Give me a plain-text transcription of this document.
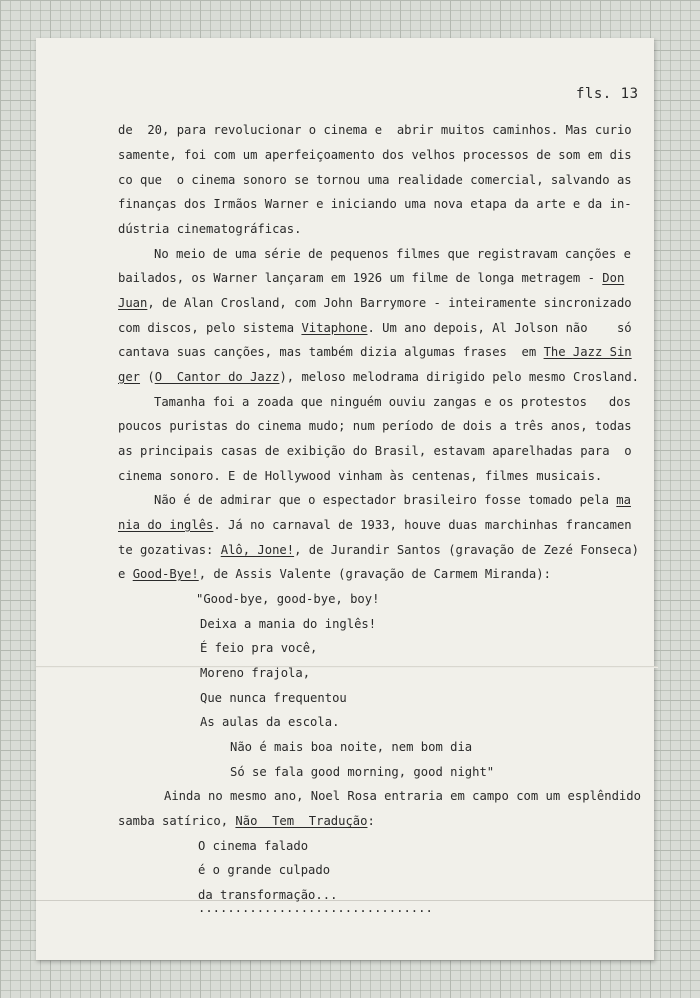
fls. 13
de  20, para revolucionar o cinema e  abrir muitos caminhos. Mas curio
samente, foi com um aperfeiçoamento dos velhos processos de som em dis
co que  o cinema sonoro se tornou uma realidade comercial, salvando as
finanças dos Irmãos Warner e iniciando uma nova etapa da arte e da in-
dústria cinematográficas.
No meio de uma série de pequenos filmes que registravam canções e
bailados, os Warner lançaram em 1926 um filme de longa metragem - Don
Juan, de Alan Crosland, com John Barrymore - inteiramente sincronizado
com discos, pelo sistema Vitaphone. Um ano depois, Al Jolson não    só
cantava suas canções, mas também dizia algumas frases  em The Jazz Sin
ger (O  Cantor do Jazz), meloso melodrama dirigido pelo mesmo Crosland.
Tamanha foi a zoada que ninguém ouviu zangas e os protestos   dos
poucos puristas do cinema mudo; num período de dois a três anos, todas
as principais casas de exibição do Brasil, estavam aparelhadas para  o
cinema sonoro. E de Hollywood vinham às centenas, filmes musicais.
Não é de admirar que o espectador brasileiro fosse tomado pela ma
nia do inglês. Já no carnaval de 1933, houve duas marchinhas francamen
te gozativas: Alô, Jone!, de Jurandir Santos (gravação de Zezé Fonseca)
e Good-Bye!, de Assis Valente (gravação de Carmem Miranda):
"Good-bye, good-bye, boy!
Deixa a mania do inglês!
É feio pra você,
Moreno frajola,
Que nunca frequentou
As aulas da escola.
Não é mais boa noite, nem bom dia
Só se fala good morning, good night"
Ainda no mesmo ano, Noel Rosa entraria em campo com um esplêndido
samba satírico, Não  Tem  Tradução:
O cinema falado
é o grande culpado
da transformação...
................................
